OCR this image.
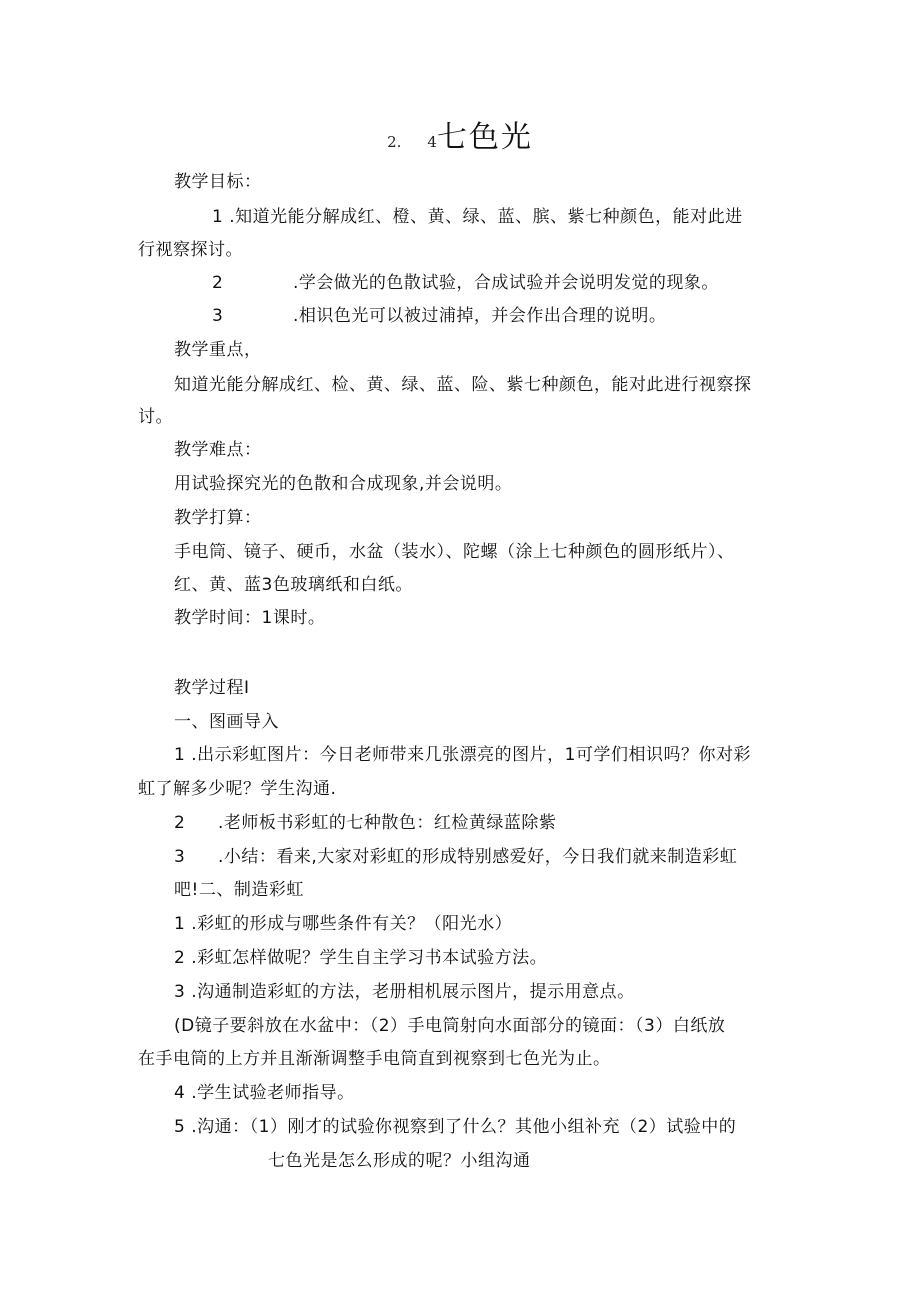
2. 4七色光
教学目标：
1 .知道光能分解成红、橙、黄、绿、蓝、膑、紫七种颜色，能对此进
行视察探讨。
2	.学会做光的色散试验，合成试验并会说明发觉的现象。
3	.相识色光可以被过浦掉，并会作出合理的说明。
教学重点，
知道光能分解成红、检、黄、绿、蓝、险、紫七种颜色，能对此进行视察探
讨。
教学难点：
用试验探究光的色散和合成现象,并会说明。
教学打算：
手电筒、镜子、硬币，水盆（装水）、陀螺（涂上七种颜色的圆形纸片）、
红、黄、蓝3色玻璃纸和白纸。
教学时间：1课时。
教学过程I
一、图画导入
1 .出示彩虹图片：今日老师带来几张漂亮的图片，1可学们相识吗？你对彩
虹了解多少呢？学生沟通.
2 .老师板书彩虹的七种散色：红检黄绿蓝除紫
3 .小结：看来,大家对彩虹的形成特别感爱好，今日我们就来制造彩虹
吧!二、制造彩虹
1 .彩虹的形成与哪些条件有关？（阳光水）
2 .彩虹怎样做呢？学生自主学习书本试验方法。
3 .沟通制造彩虹的方法，老册相机展示图片，提示用意点。
(D镜子要斜放在水盆中：（2）手电筒射向水面部分的镜面：（3）白纸放
在手电筒的上方并且渐渐调整手电筒直到视察到七色光为止。
4 .学生试验老师指导。
5 .沟通：（1）刚才的试验你视察到了什么？其他小组补充（2）试验中的
七色光是怎么形成的呢？小组沟通
